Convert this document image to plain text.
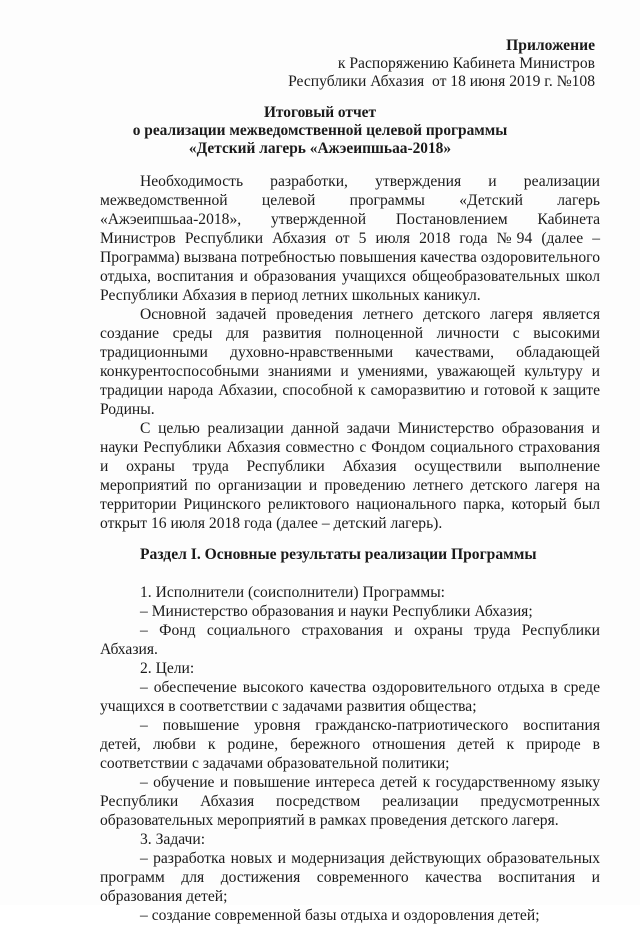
Приложение
к Распоряжению Кабинета Министров
Республики Абхазия  от 18 июня 2019 г. №108
Итоговый отчет
о реализации межведомственной целевой программы
«Детский лагерь «Ажэеипшьаа-2018»

Необходимость разработки, утверждения и реализации межведомственной целевой программы «Детский лагерь «Ажэеипшьаа-2018», утвержденной Постановлением Кабинета Министров Республики Абхазия от 5 июля 2018 года №94 (далее – Программа) вызвана потребностью повышения качества оздоровительного отдыха, воспитания и образования учащихся общеобразовательных школ Республики Абхазия в период летних школьных каникул.

Основной задачей проведения летнего детского лагеря является создание среды для развития полноценной личности с высокими традиционными духовно-нравственными качествами, обладающей конкурентоспособными знаниями и умениями, уважающей культуру и традиции народа Абхазии, способной к саморазвитию и готовой к защите Родины.

С целью реализации данной задачи Министерство образования и науки Республики Абхазия совместно с Фондом социального страхования и охраны труда Республики Абхазия осуществили выполнение мероприятий по организации и проведению летнего детского лагеря на территории Рицинского реликтового национального парка, который был открыт 16 июля 2018 года (далее – детский лагерь).

Раздел I. Основные результаты реализации Программы

1. Исполнители (соисполнители) Программы:

– Министерство образования и науки Республики Абхазия;

– Фонд социального страхования и охраны труда Республики Абхазия.

2. Цели:

– обеспечение высокого качества оздоровительного отдыха в среде учащихся в соответствии с задачами развития общества;

– повышение уровня гражданско-патриотического воспитания детей, любви к родине, бережного отношения детей к природе в соответствии с задачами образовательной политики;

– обучение и повышение интереса детей к государственному языку Республики Абхазия посредством реализации предусмотренных образовательных мероприятий в рамках проведения детского лагеря.

3. Задачи:

– разработка новых и модернизация действующих образовательных программ для достижения современного качества воспитания и образования детей;

– создание современной базы отдыха и оздоровления детей;
